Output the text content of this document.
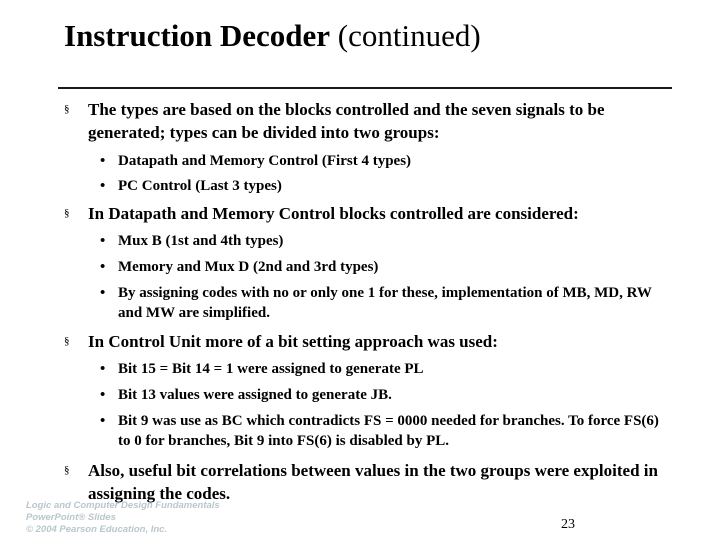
Instruction Decoder (continued)
§ The types are based on the blocks controlled and the seven signals to be generated; types can be divided into two groups:
• Datapath and Memory Control (First 4 types)
• PC Control (Last 3 types)
§ In Datapath and Memory Control blocks controlled are considered:
• Mux B (1st and 4th types)
• Memory and Mux D (2nd and 3rd types)
• By assigning codes with no or only one 1 for these, implementation of MB, MD, RW and MW are simplified.
§ In Control Unit more of a bit setting approach was used:
• Bit 15 = Bit 14 = 1 were assigned to generate PL
• Bit 13 values were assigned to generate JB.
• Bit 9 was use as BC which contradicts FS = 0000 needed for branches. To force FS(6) to 0 for branches, Bit 9 into FS(6) is disabled by PL.
§ Also, useful bit correlations between values in the two groups were exploited in assigning the codes.
Logic and Computer Design Fundamentals
PowerPoint® Slides
© 2004 Pearson Education, Inc.	23
